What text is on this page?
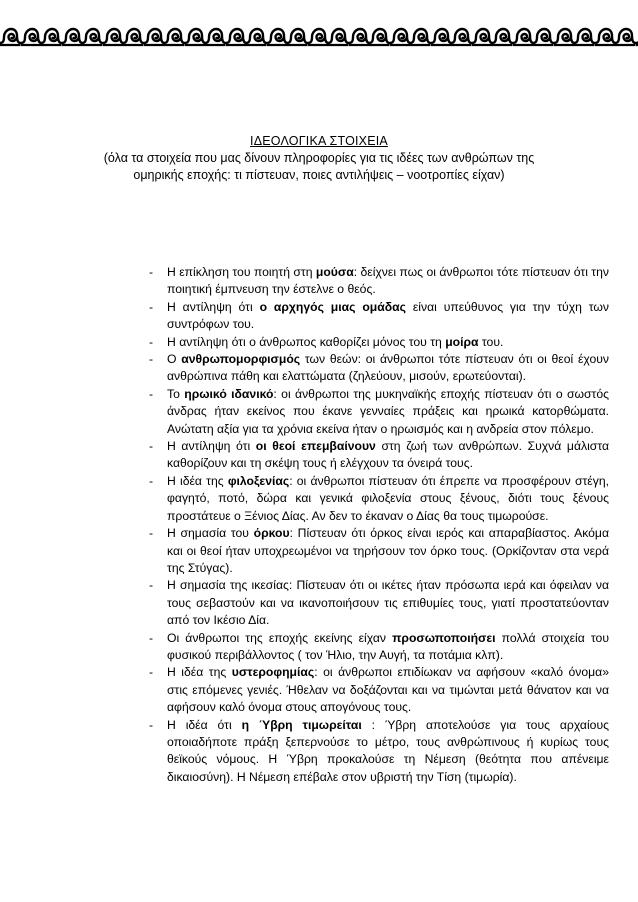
ΙΔΕΟΛΟΓΙΚΑ ΣΤΟΙΧΕΙΑ
(όλα τα στοιχεία που μας δίνουν πληροφορίες για τις ιδέες των ανθρώπων της ομηρικής εποχής: τι πίστευαν, ποιες αντιλήψεις – νοοτροπίες είχαν)
- Η επίκληση του ποιητή στη μούσα: δείχνει πως οι άνθρωποι τότε πίστευαν ότι την ποιητική έμπνευση την έστελνε ο θεός.
- Η αντίληψη ότι ο αρχηγός μιας ομάδας είναι υπεύθυνος για την τύχη των συντρόφων του.
- Η αντίληψη ότι ο άνθρωπος καθορίζει μόνος του τη μοίρα του.
- Ο ανθρωπομορφισμός των θεών: οι άνθρωποι τότε πίστευαν ότι οι θεοί έχουν ανθρώπινα πάθη και ελαττώματα (ζηλεύουν, μισούν, ερωτεύονται).
- Το ηρωικό ιδανικό: οι άνθρωποι της μυκηναϊκής εποχής πίστευαν ότι ο σωστός άνδρας ήταν εκείνος που έκανε γενναίες πράξεις και ηρωικά κατορθώματα. Ανώτατη αξία για τα χρόνια εκείνα ήταν ο ηρωισμός και η ανδρεία στον πόλεμο.
- Η αντίληψη ότι οι θεοί επεμβαίνουν στη ζωή των ανθρώπων. Συχνά μάλιστα καθορίζουν και τη σκέψη τους ή ελέγχουν τα όνειρά τους.
- Η ιδέα της φιλοξενίας: οι άνθρωποι πίστευαν ότι έπρεπε να προσφέρουν στέγη, φαγητό, ποτό, δώρα και γενικά φιλοξενία στους ξένους, διότι τους ξένους προστάτευε ο Ξένιος Δίας. Αν δεν το έκαναν ο Δίας θα τους τιμωρούσε.
- Η σημασία του όρκου: Πίστευαν ότι όρκος είναι ιερός και απαραβίαστος. Ακόμα και οι θεοί ήταν υποχρεωμένοι να τηρήσουν τον όρκο τους. (Ορκίζονταν στα νερά της Στύγας).
- Η σημασία της ικεσίας: Πίστευαν ότι οι ικέτες ήταν πρόσωπα ιερά και όφειλαν να τους σεβαστούν και να ικανοποιήσουν τις επιθυμίες τους, γιατί προστατεύονταν από τον Ικέσιο Δία.
- Οι άνθρωποι της εποχής εκείνης είχαν προσωποποιήσει πολλά στοιχεία του φυσικού περιβάλλοντος ( τον Ήλιο, την Αυγή, τα ποτάμια κλπ).
- Η ιδέα της υστεροφημίας: οι άνθρωποι επιδίωκαν να αφήσουν «καλό όνομα» στις επόμενες γενιές. Ήθελαν να δοξάζονται και να τιμώνται μετά θάνατον και να αφήσουν καλό όνομα στους απογόνους τους.
- Η ιδέα ότι η Ύβρη τιμωρείται : Ύβρη αποτελούσε για τους αρχαίους οποιαδήποτε πράξη ξεπερνούσε το μέτρο, τους ανθρώπινους ή κυρίως τους θεϊκούς νόμους. Η Ύβρη προκαλούσε τη Νέμεση (θεότητα που απένειμε δικαιοσύνη). Η Νέμεση επέβαλε στον υβριστή την Τίση (τιμωρία).
